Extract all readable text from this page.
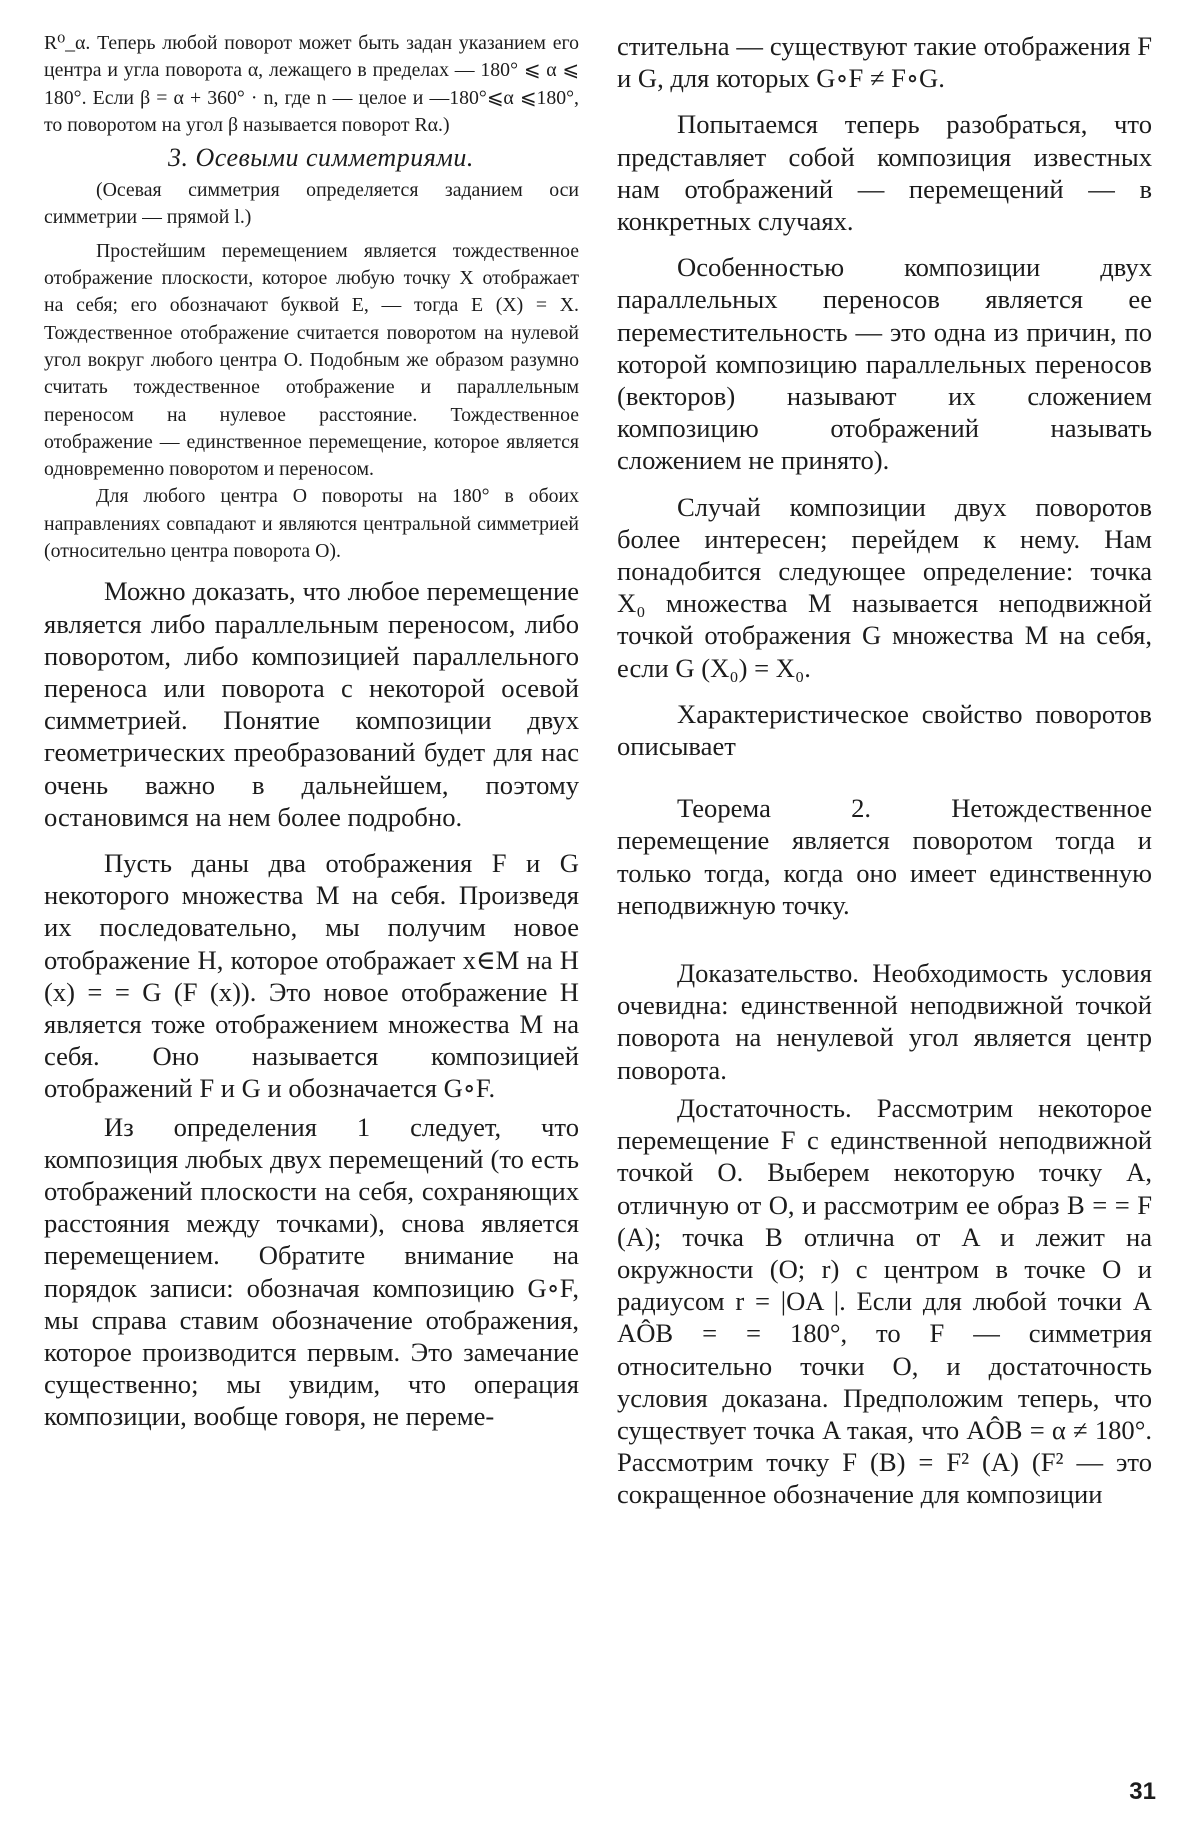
R⁰_α. Теперь любой поворот может быть задан указанием его центра и угла поворота α, лежащего в пределах — 180° ⩽ α ⩽ 180°. Если β = α + 360° · n, где n — целое и —180°⩽α ⩽180°, то поворотом на угол β называется поворот Rα.)

3. Осевыми симметриями.

(Осевая симметрия определяется заданием оси симметрии — прямой l.)

Простейшим перемещением является тождественное отображение плоскости, которое любую точку X отображает на себя; его обозначают буквой E, — тогда E (X) = X. Тождественное отображение считается поворотом на нулевой угол вокруг любого центра O. Подобным же образом разумно считать тождественное отображение и параллельным переносом на нулевое расстояние. Тождественное отображение — единственное перемещение, которое является одновременно поворотом и переносом.

Для любого центра O повороты на 180° в обоих направлениях совпадают и являются центральной симметрией (относительно центра поворота O).

Можно доказать, что любое перемещение является либо параллельным переносом, либо поворотом, либо композицией параллельного переноса или поворота с некоторой осевой симметрией. Понятие композиции двух геометрических преобразований будет для нас очень важно в дальнейшем, поэтому остановимся на нем более подробно.

Пусть даны два отображения F и G некоторого множества M на себя. Произведя их последовательно, мы получим новое отображение H, которое отображает x∈M на H (x) = = G (F (x)). Это новое отображение H является тоже отображением множества M на себя. Оно называется композицией отображений F и G и обозначается G∘F.

Из определения 1 следует, что композиция любых двух перемещений (то есть отображений плоскости на себя, сохраняющих расстояния между точками), снова является перемещением. Обратите внимание на порядок записи: обозначая композицию G∘F, мы справа ставим обозначение отображения, которое производится первым. Это замечание существенно; мы увидим, что операция композиции, вообще говоря, не переме-

стительна — существуют такие отображения F и G, для которых G∘F ≠ F∘G.

Попытаемся теперь разобраться, что представляет собой композиция известных нам отображений — перемещений — в конкретных случаях.

Особенностью композиции двух параллельных переносов является ее переместительность — это одна из причин, по которой композицию параллельных переносов (векторов) называют их сложением композицию отображений называть сложением не принято).

Случай композиции двух поворотов более интересен; перейдем к нему. Нам понадобится следующее определение: точка X₀ множества M называется неподвижной точкой отображения G множества M на себя, если G (X₀) = X₀.

Характеристическое свойство поворотов описывает

Теорема 2. Нетождественное перемещение является поворотом тогда и только тогда, когда оно имеет единственную неподвижную точку.

Доказательство. Необходимость условия очевидна: единственной неподвижной точкой поворота на ненулевой угол является центр поворота.

Достаточность. Рассмотрим некоторое перемещение F с единственной неподвижной точкой O. Выберем некоторую точку A, отличную от O, и рассмотрим ее образ B = = F (A); точка B отлична от A и лежит на окружности (O; r) с центром в точке O и радиусом r = |OA |. Если для любой точки A AÔB = = 180°, то F — симметрия относительно точки O, и достаточность условия доказана. Предположим теперь, что существует точка A такая, что AÔB = α ≠ 180°. Рассмотрим точку F (B) = F² (A) (F² — это сокращенное обозначение для композиции

31
